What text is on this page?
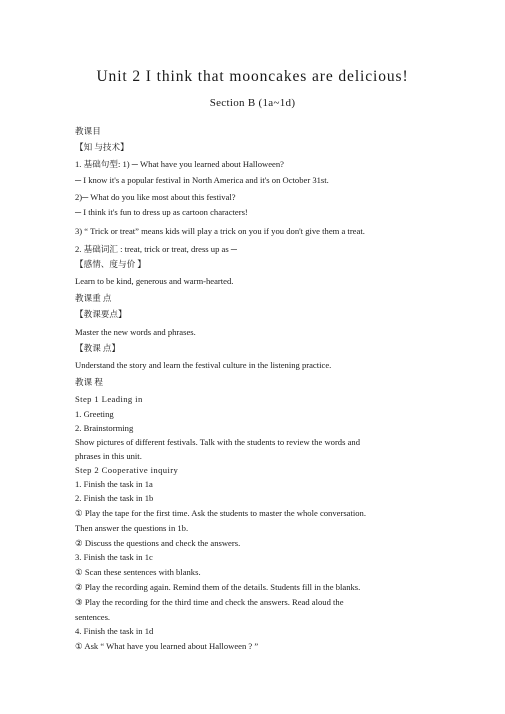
Unit 2 I think that mooncakes are delicious!
Section B (1a~1d)
教课目
【知 与技术】
1. 基础句型: 1) ─ What have you learned about Halloween?
─ I know it's a popular festival in North America and it's on October 31st.
2)─ What do you like most about this festival?
─ I think it's fun to dress up as cartoon characters!
3) “ Trick or treat” means kids will play a trick on you if you don't give them a treat.
2. 基础词汇 : treat, trick or treat, dress up as ─
【感情、度与价 】
Learn to be kind, generous and warm-hearted.
教课重 点
【教课要点】
Master the new words and phrases.
【教课 点】
Understand the story and learn the festival culture in the listening practice.
教课 程
Step 1 Leading in
1. Greeting
2. Brainstorming
Show pictures of different festivals. Talk with the students to review the words and
phrases in this unit.
Step 2 Cooperative inquiry
1. Finish the task in 1a
2. Finish the task in 1b
① Play the tape for the first time. Ask the students to master the whole conversation.
Then answer the questions in 1b.
② Discuss the questions and check the answers.
3. Finish the task in 1c
① Scan these sentences with blanks.
② Play the recording again. Remind them of the details. Students fill in the blanks.
③ Play the recording for the third time and check the answers. Read aloud the
sentences.
4. Finish the task in 1d
① Ask “ What have you learned about Halloween ? ”
